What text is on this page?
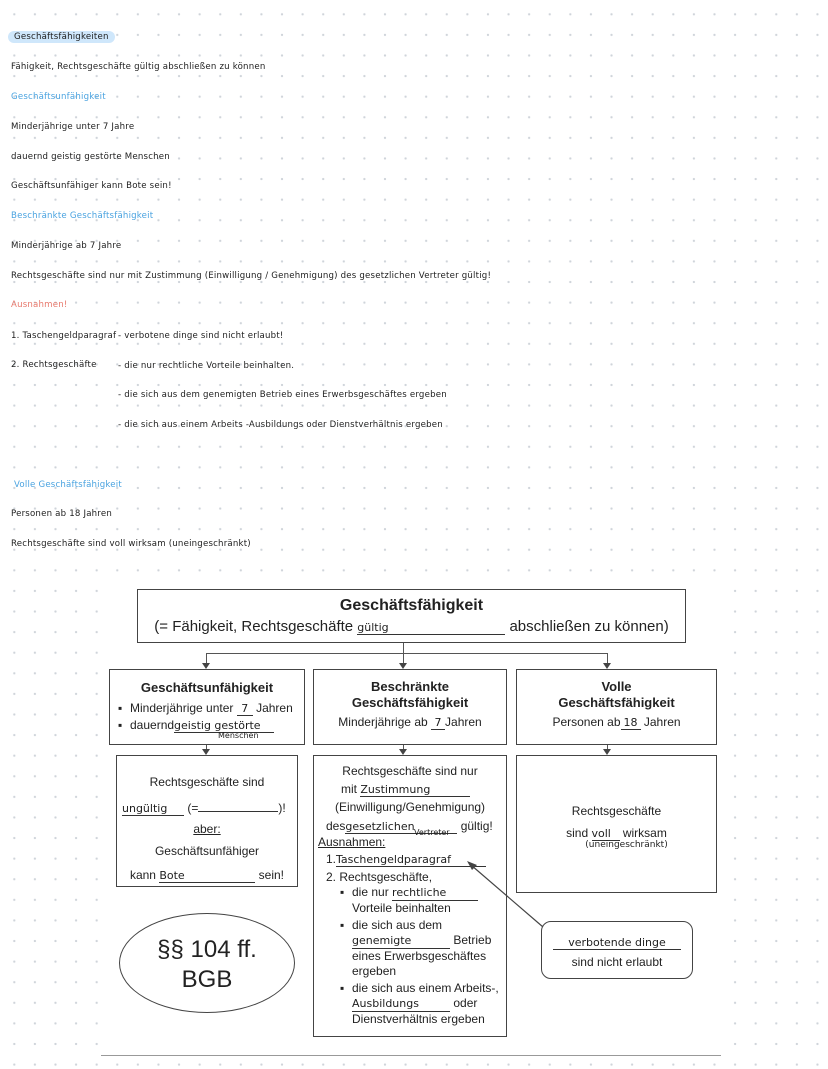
Geschäftsfähigkeiten
Fähigkeit, Rechtsgeschäfte gültig abschließen zu können
Geschäftsunfähigkeit
Minderjährige unter 7 Jahre
dauernd geistig gestörte Menschen
Geschäftsunfähiger kann Bote sein!
Beschränkte Geschäftsfähigkeit
Minderjährige ab 7 Jahre
Rechtsgeschäfte sind nur mit Zustimmung (Einwilligung / Genehmigung) des gesetzlichen Vertreter gültig!
Ausnahmen!
1. Taschengeldparagraf - verbotene dinge sind nicht erlaubt!
2. Rechtsgeschäfte - die nur rechtliche Vorteile beinhalten.
- die sich aus dem genemigten Betrieb eines Erwerbsgeschäftes ergeben
- die sich aus einem Arbeits -Ausbildungs oder Dienstverhältnis ergeben
Volle Geschäftsfähigkeit
Personen ab 18 Jahren
Rechtsgeschäfte sind voll wirksam (uneingeschränkt)
Geschäftsfähigkeit
(= Fähigkeit, Rechtsgeschäfte gültig	abschließen zu können)
Geschäftsunfähigkeit
▪ Minderjährige unter 7 Jahren
▪ dauerndgeistig gestörte
Menschen
Rechtsgeschäfte sind
ungültig (=	)!
aber:
Geschäftsunfähiger
kann Bote	sein!
§§ 104 ff.
BGB
Beschränkte
Geschäftsfähigkeit
Minderjährige ab 7 Jahren
Rechtsgeschäfte sind nur
mit Zustimmung
(Einwilligung/Genehmigung)
desgesetzlichen	gültig!
Vertreter
Ausnahmen:
1.Taschengeldparagraf
2. Rechtsgeschäfte,
▪ die nur rechtliche
Vorteile beinhalten
▪ die sich aus dem
genemigte	Betrieb
eines Erwerbsgeschäftes ergeben
▪ die sich aus einem Arbeits-,
Ausbildungs	oder
Dienstverhältnis ergeben
Volle
Geschäftsfähigkeit
Personen ab 18 Jahren
Rechtsgeschäfte
sind voll wirksam
(uneingeschränkt)
verbotende dinge
sind nicht erlaubt
